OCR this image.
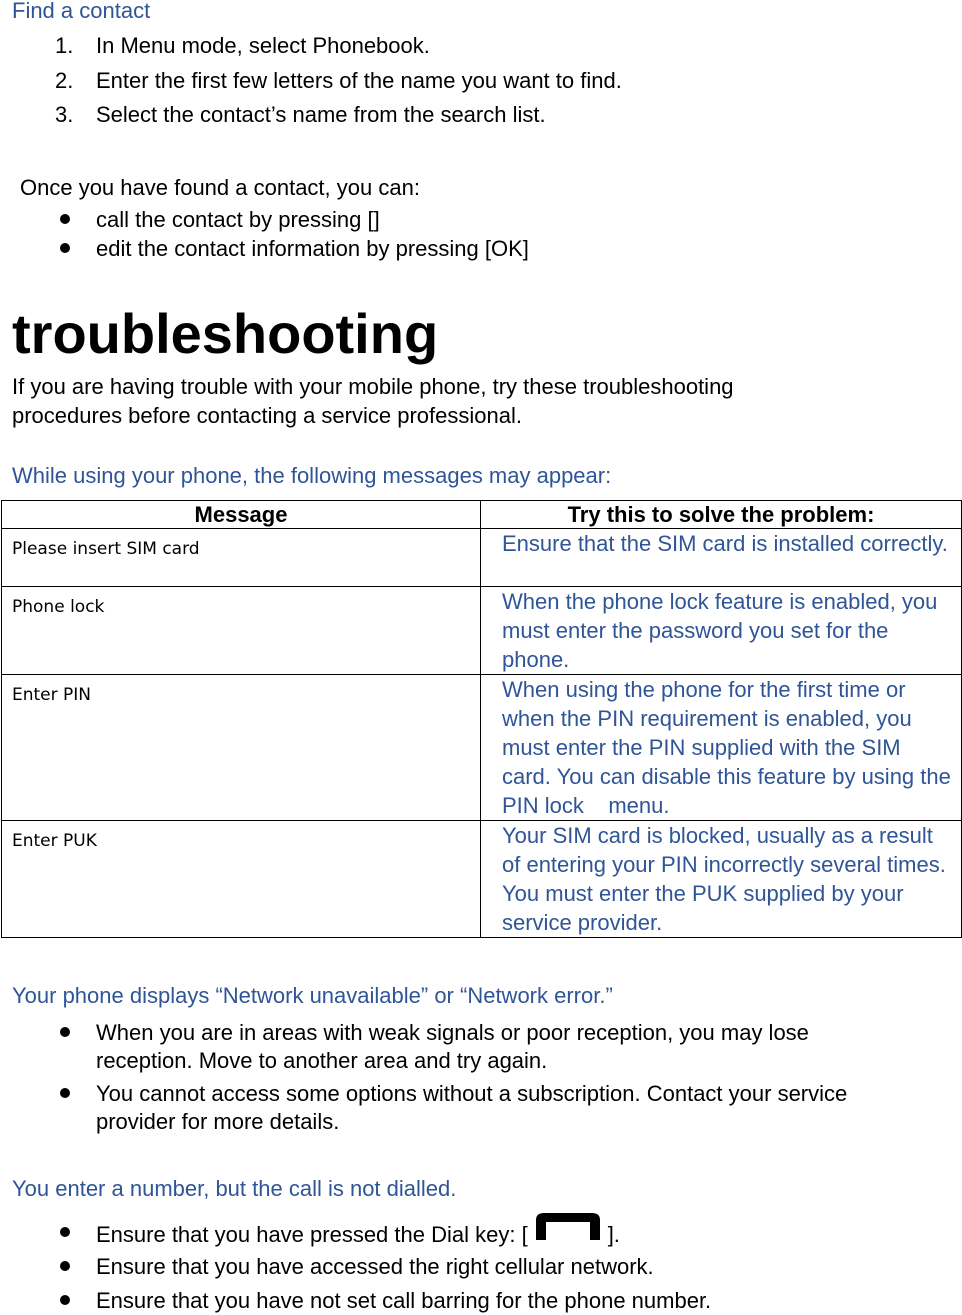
Find a contact
1. In Menu mode, select Phonebook.
2. Enter the first few letters of the name you want to find.
3. Select the contact’s name from the search list.
Once you have found a contact, you can:
call the contact by pressing []
edit the contact information by pressing [OK]
troubleshooting
If you are having trouble with your mobile phone, try these troubleshooting
procedures before contacting a service professional.
While using your phone, the following messages may appear:
Message	Try this to solve the problem:
Please insert SIM card	Ensure that the SIM card is installed correctly.
Phone lock	When the phone lock feature is enabled, you must enter the password you set for the phone.
Enter PIN	When using the phone for the first time or when the PIN requirement is enabled, you must enter the PIN supplied with the SIM card. You can disable this feature by using the PIN lock    menu.
Enter PUK	Your SIM card is blocked, usually as a result of entering your PIN incorrectly several times. You must enter the PUK supplied by your service provider.
Your phone displays “Network unavailable” or “Network error.”
When you are in areas with weak signals or poor reception, you may lose
reception. Move to another area and try again.
You cannot access some options without a subscription. Contact your service
provider for more details.
You enter a number, but the call is not dialled.
Ensure that you have pressed the Dial key: [	].
Ensure that you have accessed the right cellular network.
Ensure that you have not set call barring for the phone number.
